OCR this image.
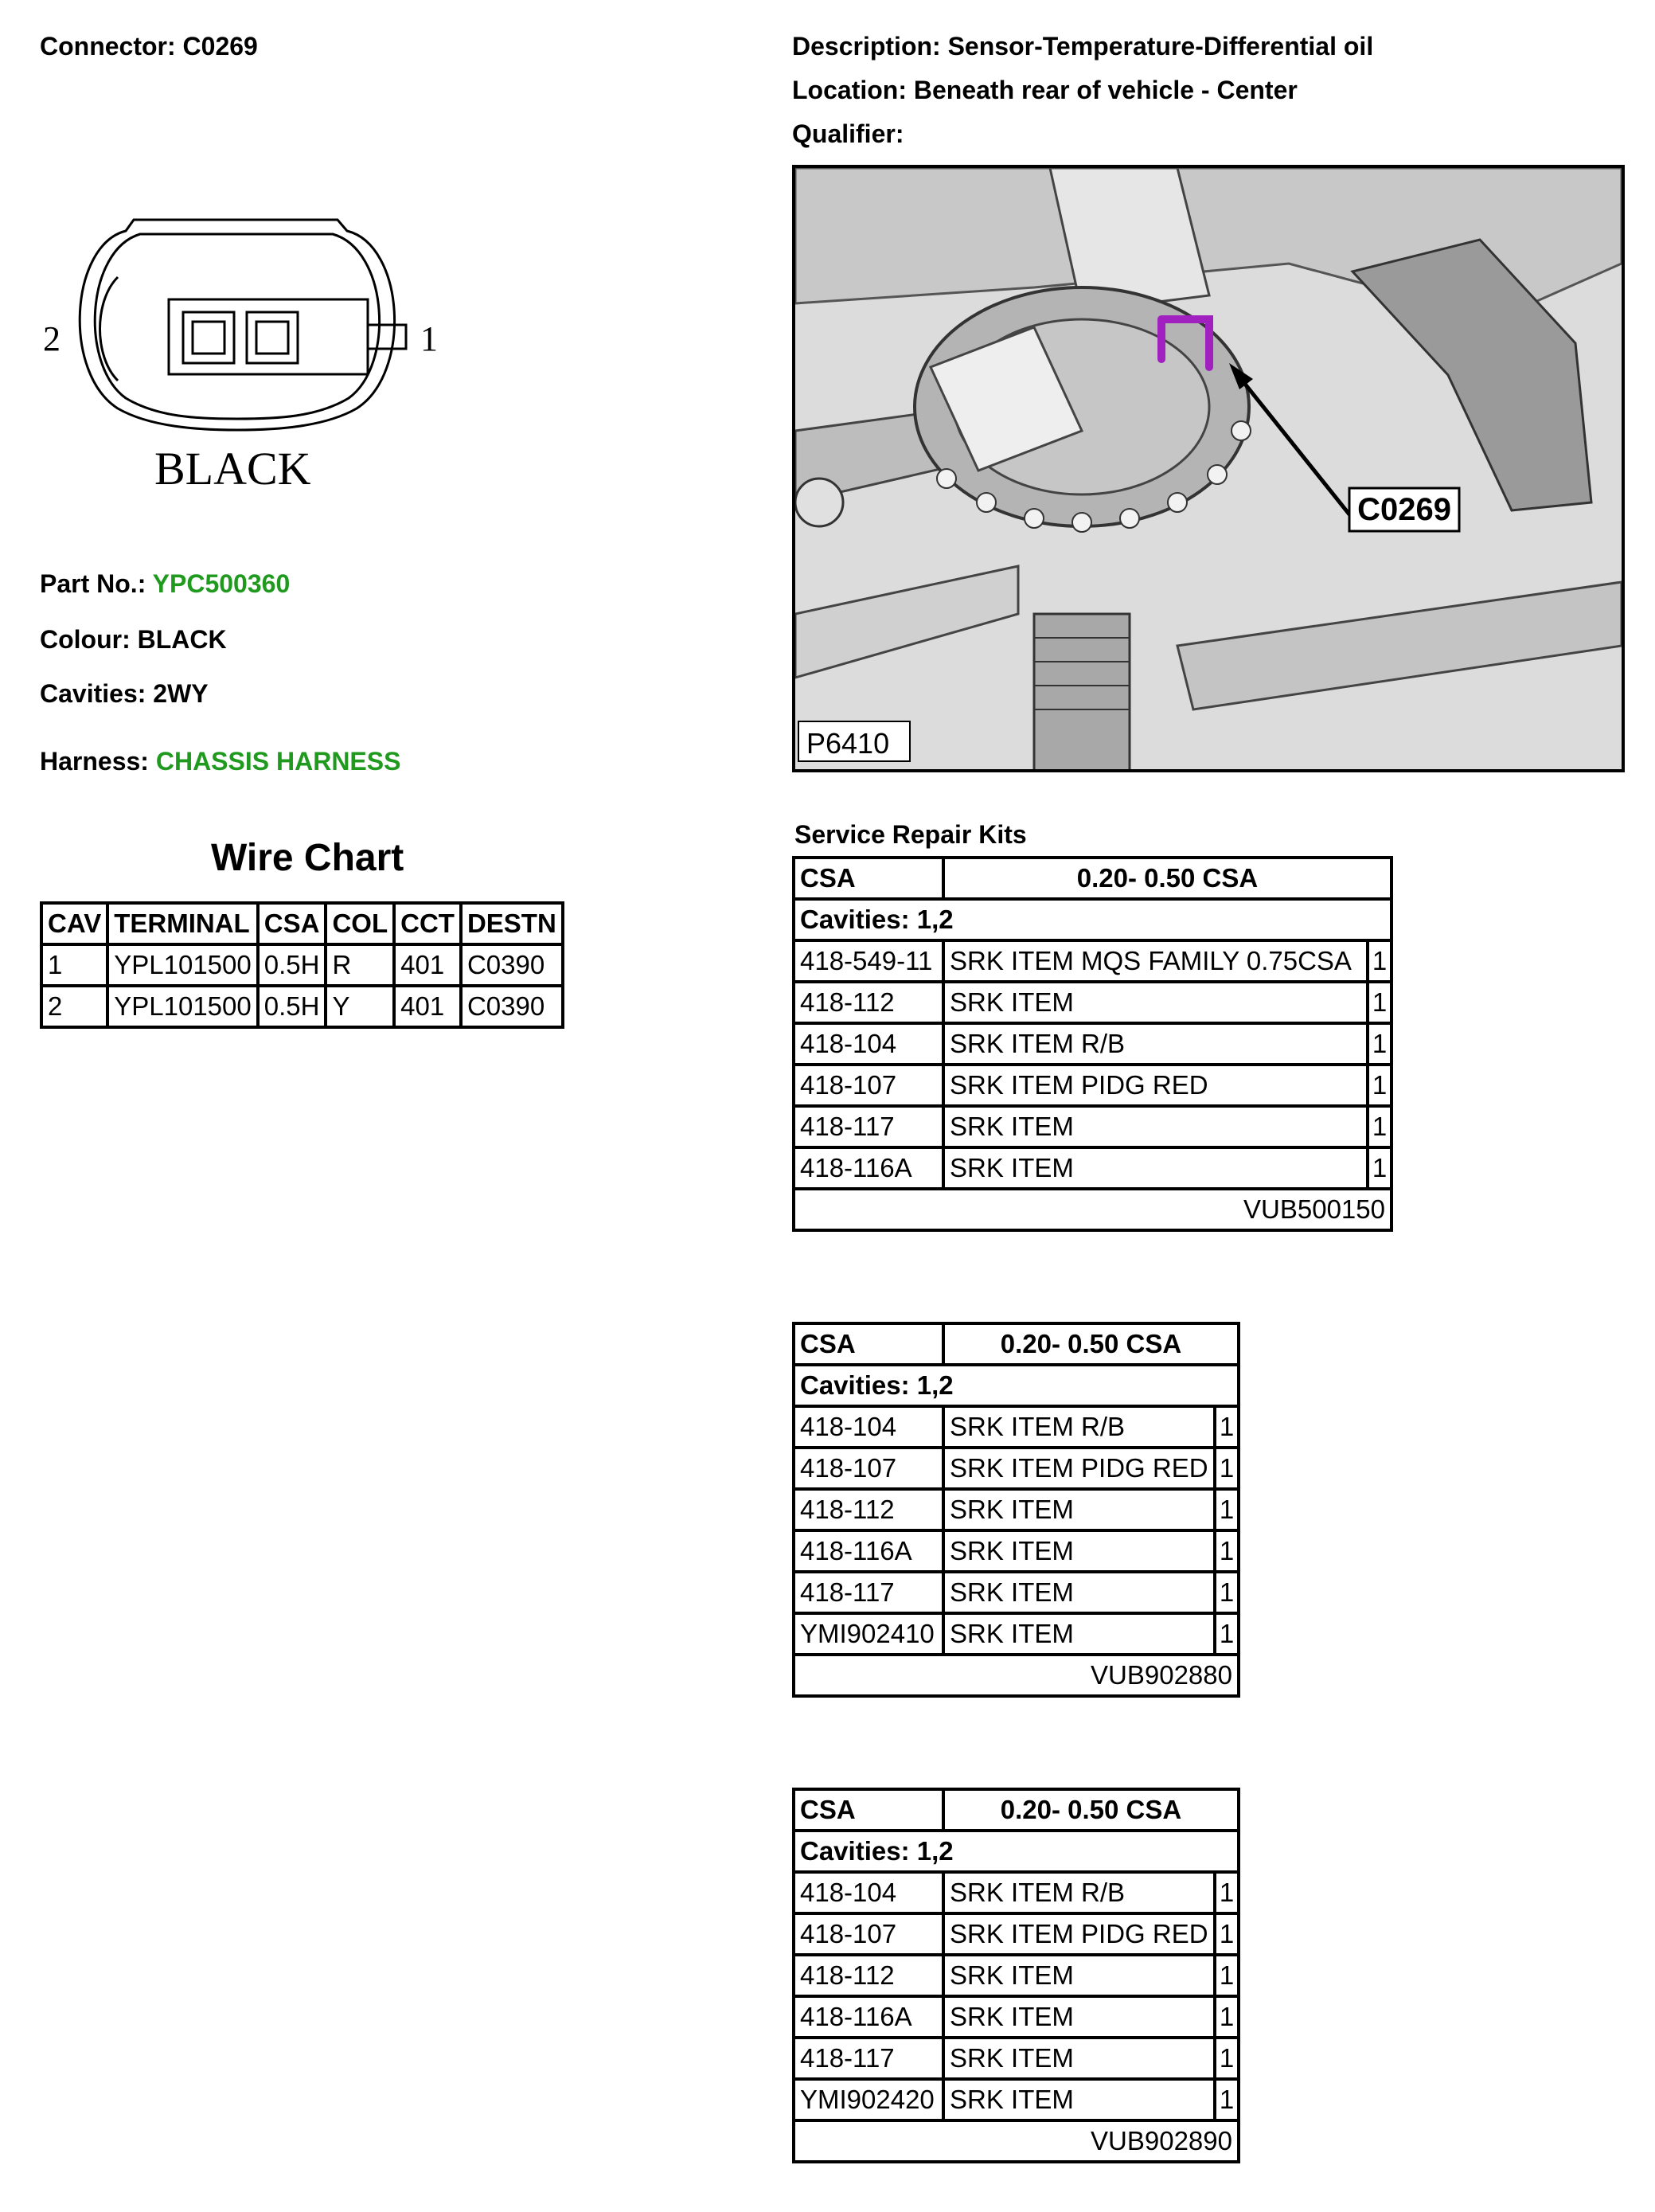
Connector: C0269	Description: Sensor-Temperature-Differential oil
Location: Beneath rear of vehicle - Center
Qualifier:
2	1
BLACK
Part No.: YPC500360
Colour: BLACK
Cavities: 2WY
Harness: CHASSIS HARNESS
Wire Chart
CAV	TERMINAL	CSA	COL	CCT	DESTN
1	YPL101500	0.5H	R	401	C0390
2	YPL101500	0.5H	Y	401	C0390
C0269
P6410
Service Repair Kits
CSA	0.20- 0.50 CSA	
Cavities: 1,2		
418-549-11	SRK ITEM MQS FAMILY 0.75CSA	1
418-112	SRK ITEM	1
418-104	SRK ITEM R/B	1
418-107	SRK ITEM PIDG RED	1
418-117	SRK ITEM	1
418-116A	SRK ITEM	1
VUB500150		
CSA	0.20- 0.50 CSA	
Cavities: 1,2		
418-104	SRK ITEM R/B	1
418-107	SRK ITEM PIDG RED	1
418-112	SRK ITEM	1
418-116A	SRK ITEM	1
418-117	SRK ITEM	1
YMI902410	SRK ITEM	1
VUB902880		
CSA	0.20- 0.50 CSA	
Cavities: 1,2		
418-104	SRK ITEM R/B	1
418-107	SRK ITEM PIDG RED	1
418-112	SRK ITEM	1
418-116A	SRK ITEM	1
418-117	SRK ITEM	1
YMI902420	SRK ITEM	1
VUB902890		
